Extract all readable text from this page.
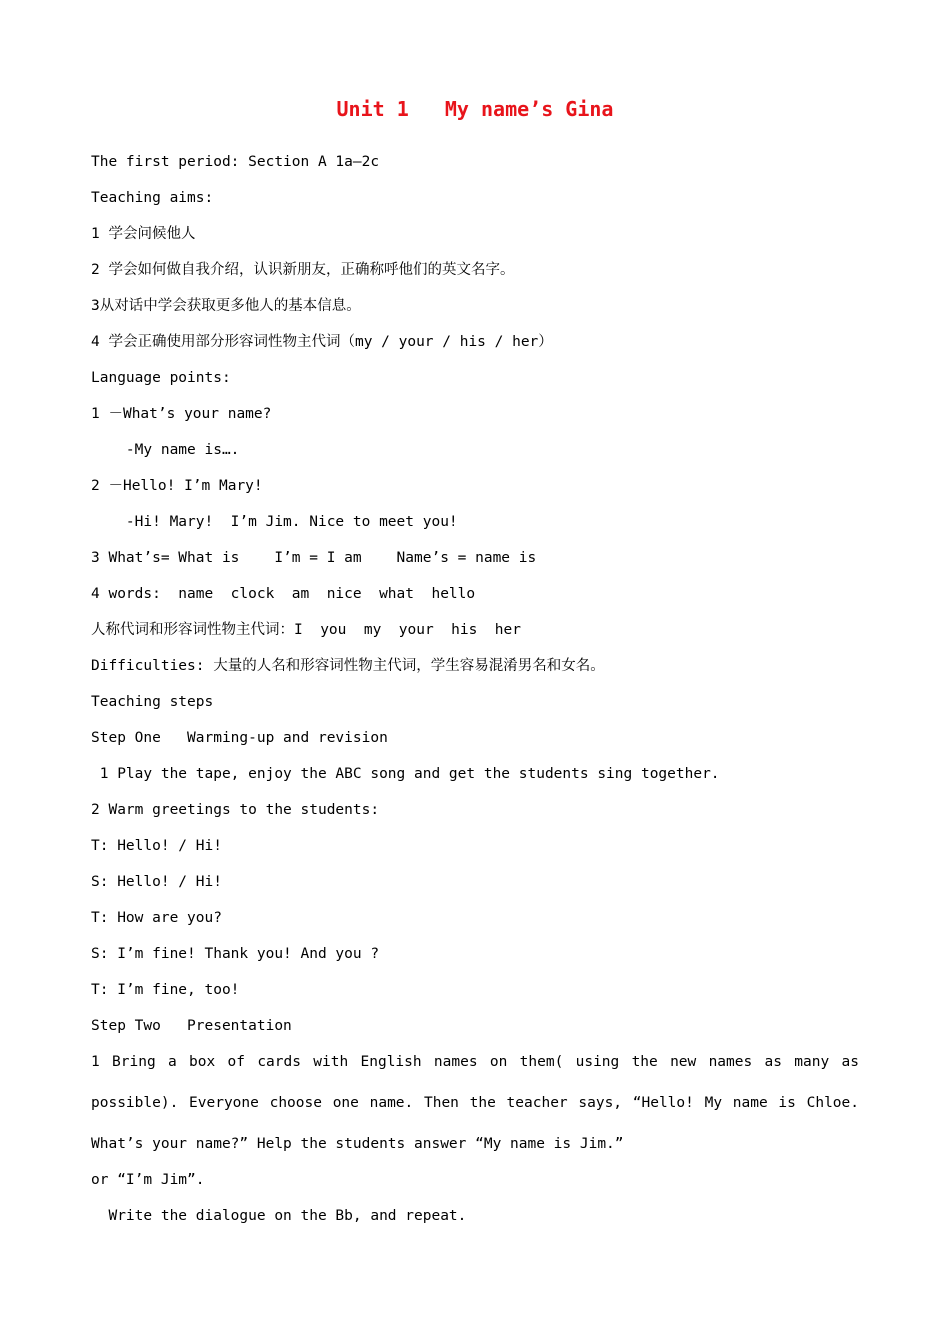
Unit 1   My name’s Gina
The first period: Section A 1a—2c
Teaching aims:
1 学会问候他人
2 学会如何做自我介绍，认识新朋友，正确称呼他们的英文名字。
3从对话中学会获取更多他人的基本信息。
4 学会正确使用部分形容词性物主代词（my / your / his / her）
Language points:
1 －What’s your name?
-My name is….
2 －Hello! I’m Mary!
-Hi! Mary!  I’m Jim. Nice to meet you!
3 What’s= What is    I’m = I am    Name’s = name is
4 words:  name  clock  am  nice  what  hello
人称代词和形容词性物主代词：I  you  my  your  his  her
Difficulties: 大量的人名和形容词性物主代词，学生容易混淆男名和女名。
Teaching steps
Step One   Warming-up and revision
1 Play the tape, enjoy the ABC song and get the students sing together.
2 Warm greetings to the students:
T: Hello! / Hi!
S: Hello! / Hi!
T: How are you?
S: I’m fine! Thank you! And you ?
T: I’m fine, too!
Step Two   Presentation
1 Bring a box of cards with English names on them( using the new names as many as
possible). Everyone choose one name. Then the teacher says, “Hello! My name is Chloe.
What’s your name?” Help the students answer “My name is Jim.”
or “I’m Jim”.
Write the dialogue on the Bb, and repeat.
